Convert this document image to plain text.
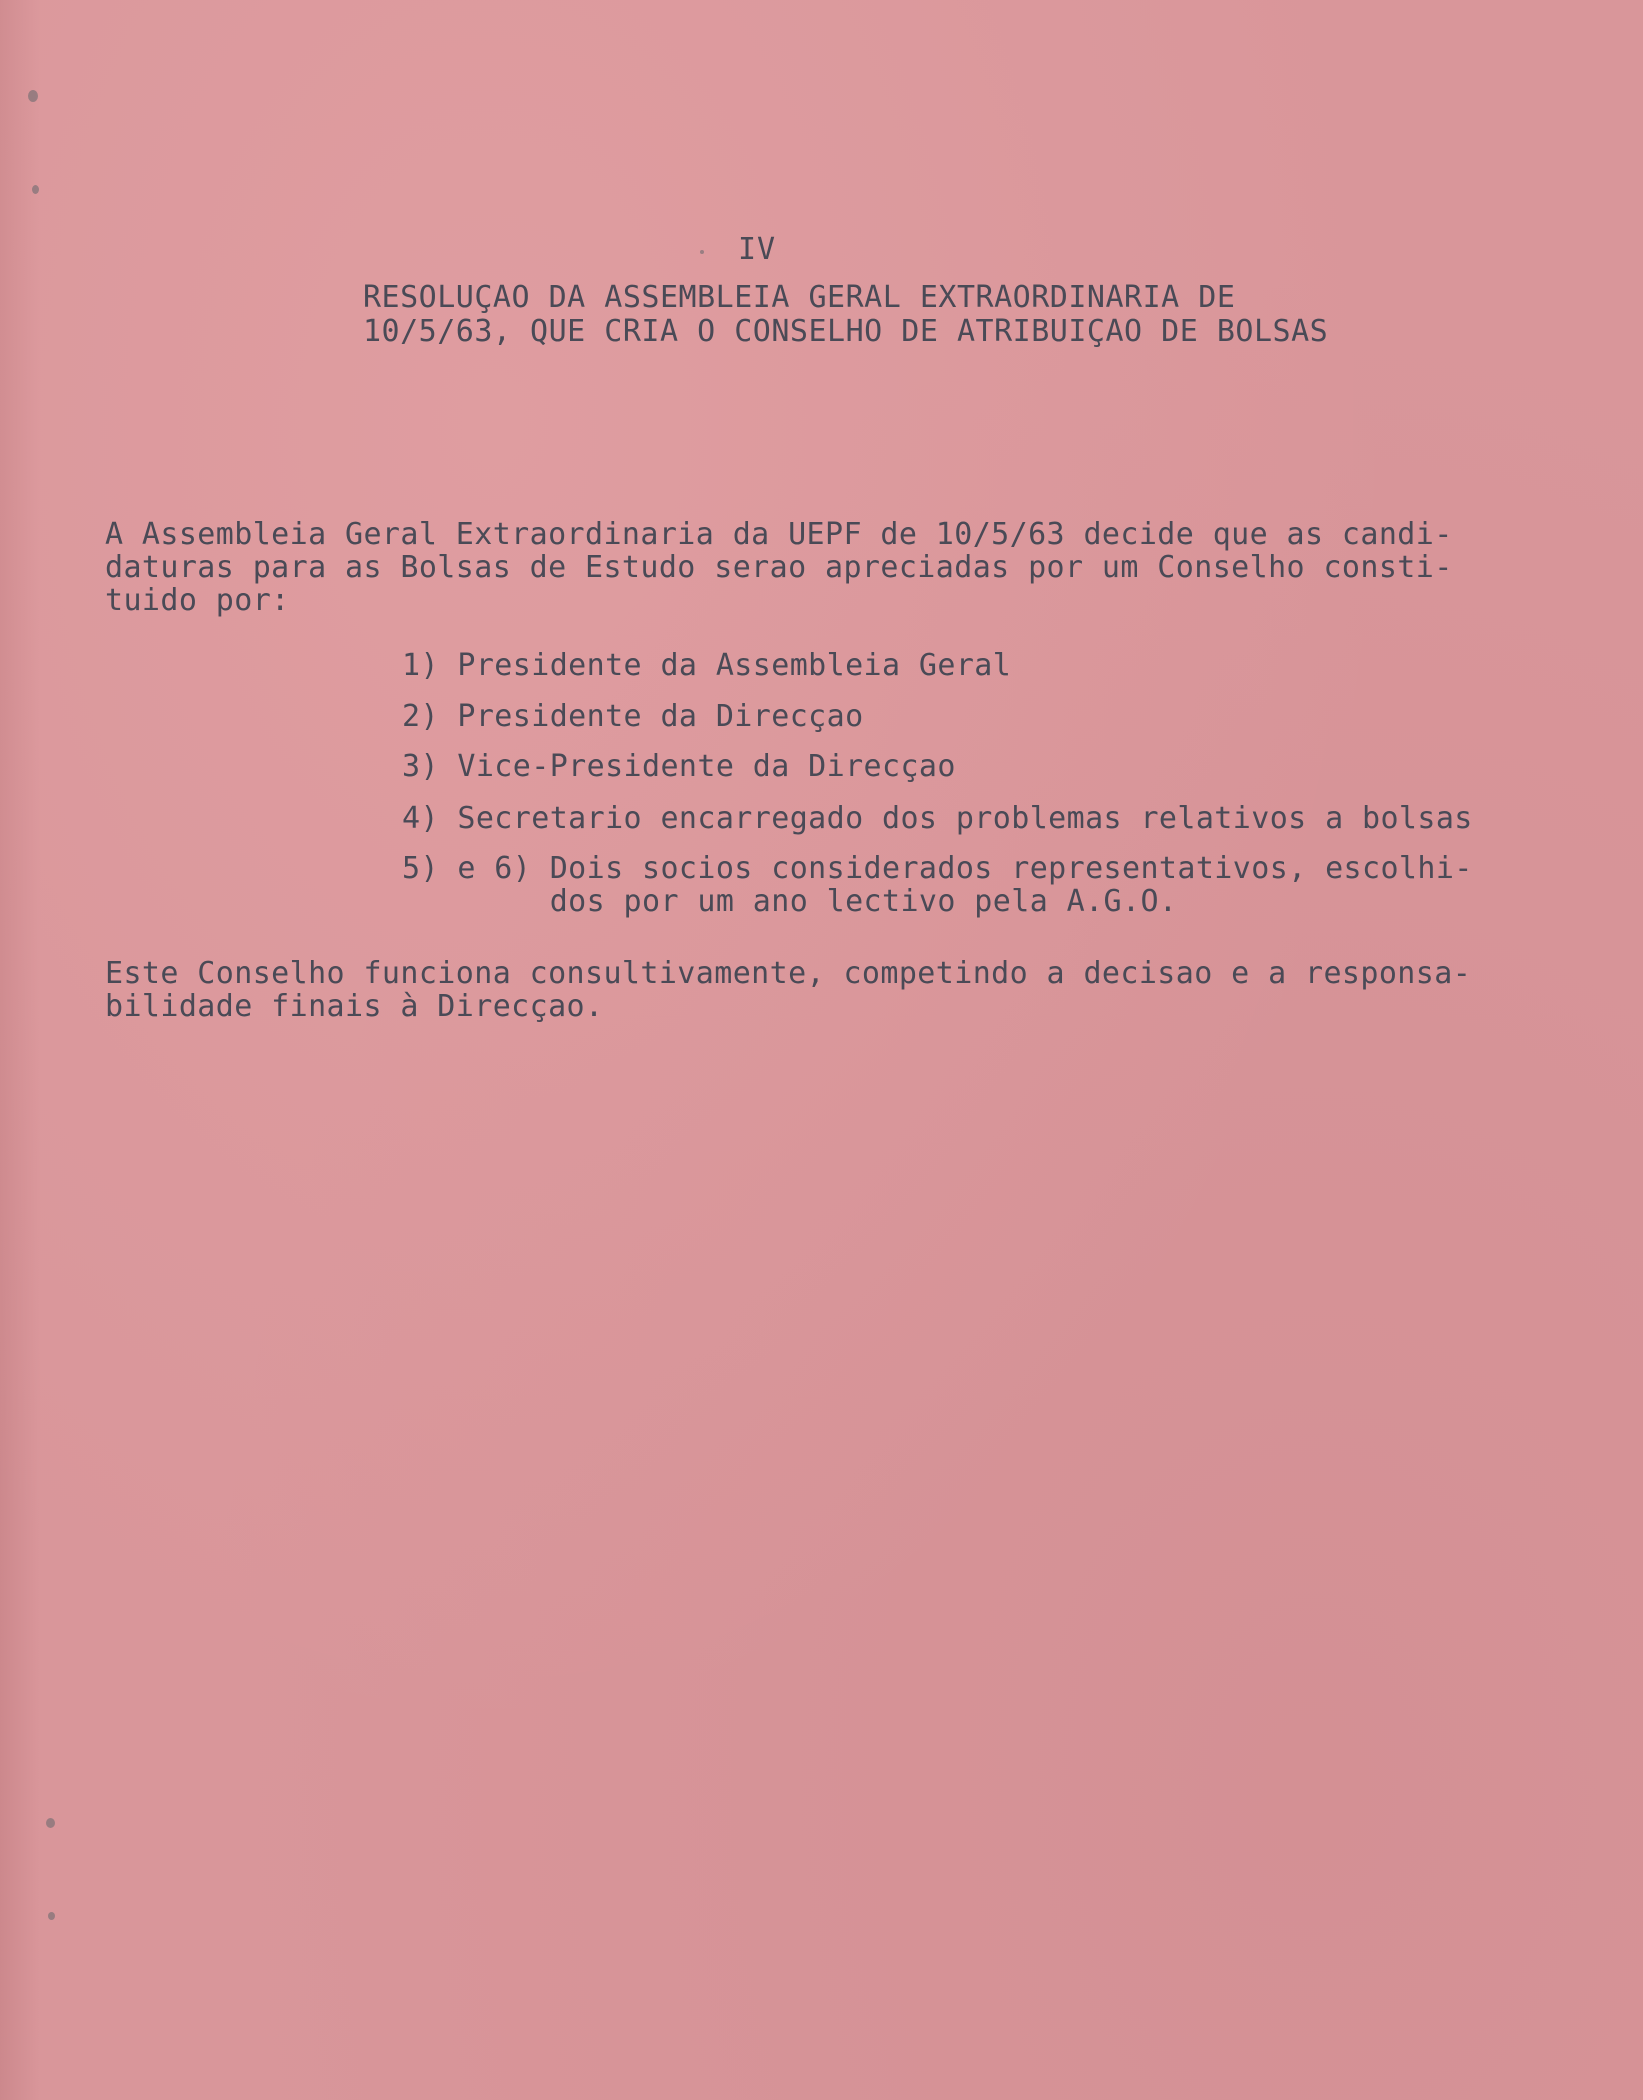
IV
RESOLUÇAO DA ASSEMBLEIA GERAL EXTRAORDINARIA DE
10/5/63, QUE CRIA O CONSELHO DE ATRIBUIÇAO DE BOLSAS
A Assembleia Geral Extraordinaria da UEPF de 10/5/63 decide que as candi-
daturas para as Bolsas de Estudo serao apreciadas por um Conselho consti-
tuido por:
1) Presidente da Assembleia Geral
2) Presidente da Direcçao
3) Vice-Presidente da Direcçao
4) Secretario encarregado dos problemas relativos a bolsas
5) e 6) Dois socios considerados representativos, escolhi-
dos por um ano lectivo pela A.G.O.
Este Conselho funciona consultivamente, competindo a decisao e a responsa-
bilidade finais à Direcçao.
